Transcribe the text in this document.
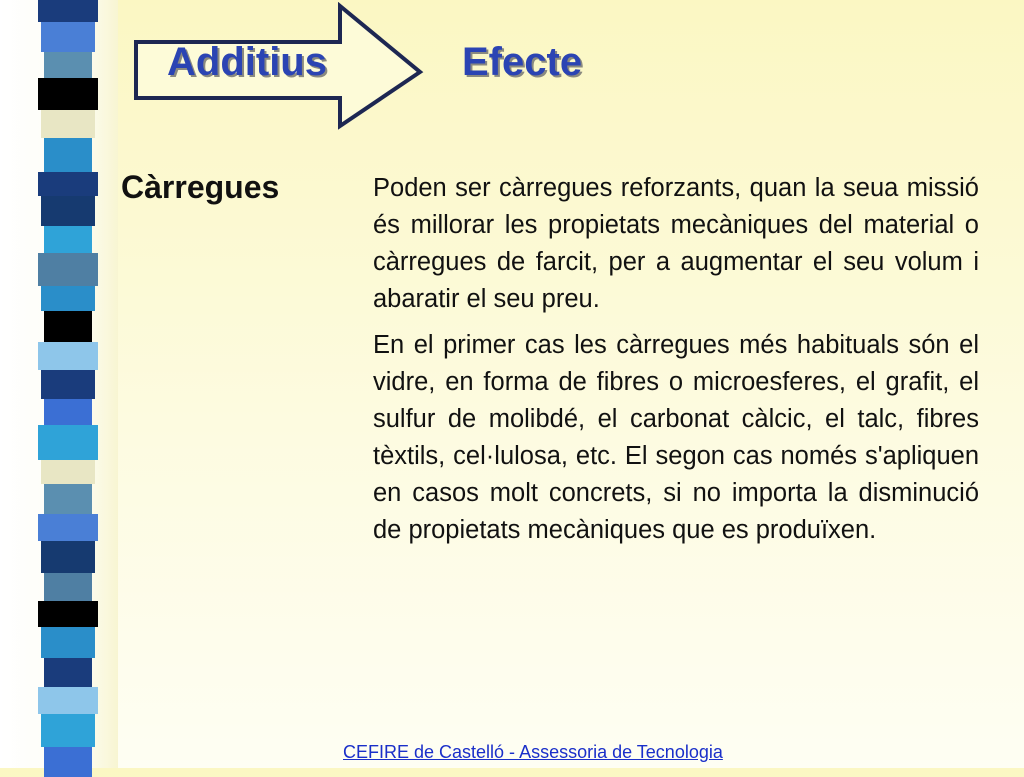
Additius	Efecte
Càrregues	Poden ser càrregues reforzants, quan la seua missió és millorar les propietats mecàniques del material o càrregues de farcit, per a augmentar el seu volum i abaratir el seu preu.

En el primer cas les càrregues més habituals són el vidre, en forma de fibres o microesferes, el grafit, el sulfur de molibdé, el carbonat càlcic, el talc, fibres tèxtils, cel·lulosa, etc. El segon cas només s'apliquen en casos molt concrets, si no importa la disminució de propietats mecàniques que es produïxen.

CEFIRE de Castelló - Assessoria de Tecnologia
